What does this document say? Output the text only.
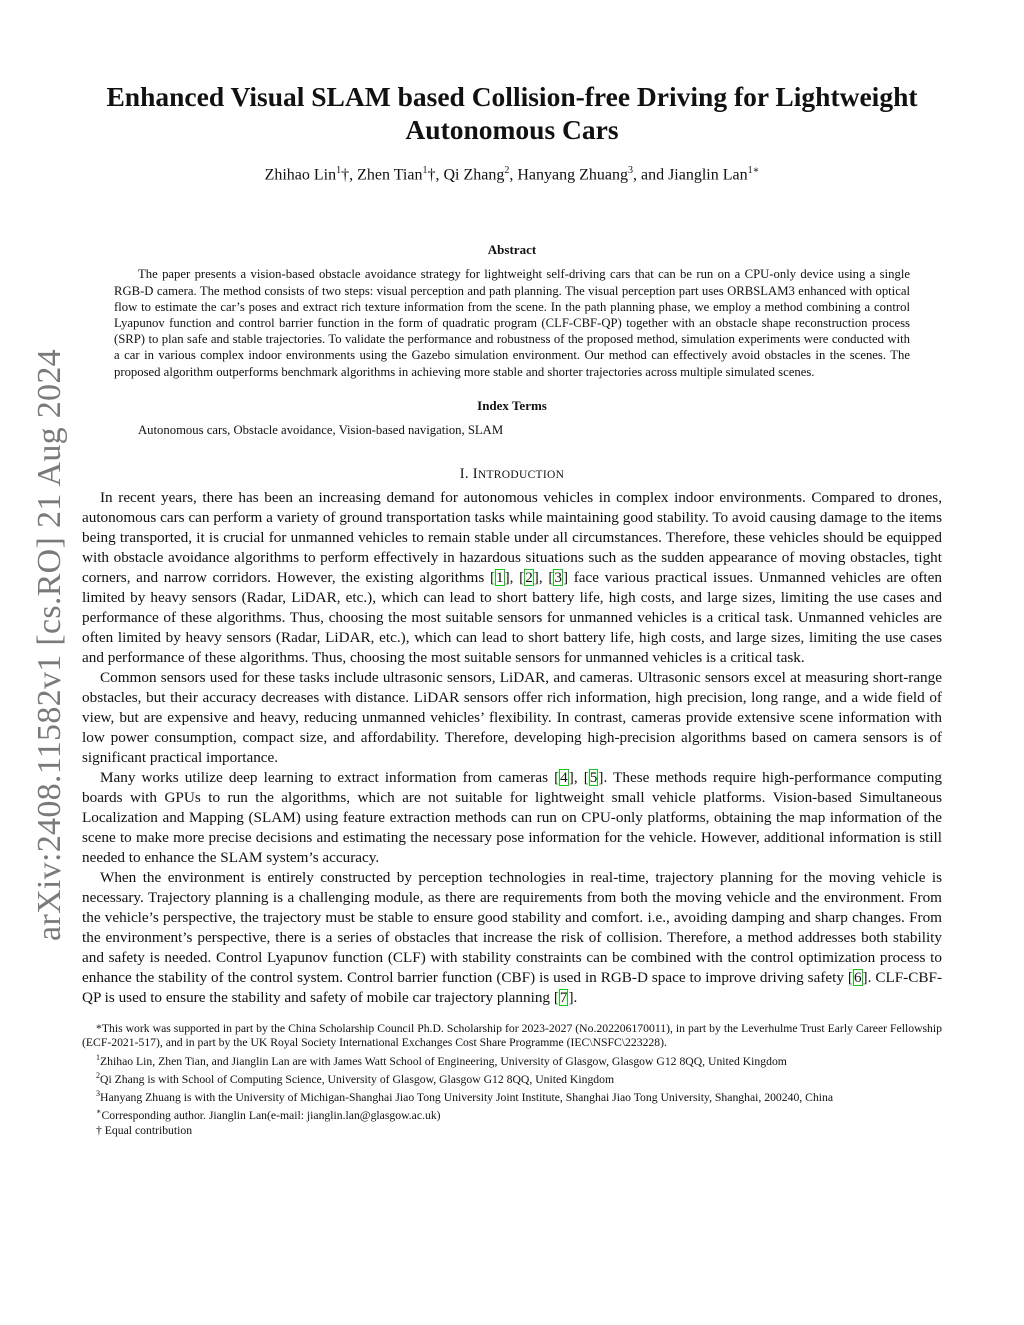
arXiv:2408.11582v1 [cs.RO] 21 Aug 2024
Enhanced Visual SLAM based Collision-free Driving for Lightweight Autonomous Cars
Zhihao Lin$^1$†, Zhen Tian$^1$†, Qi Zhang$^2$, Hanyang Zhuang$^3$, and Jianglin Lan$^{1∗}$
Abstract
The paper presents a vision-based obstacle avoidance strategy for lightweight self-driving cars that can be run on a CPU-only device using a single RGB-D camera. The method consists of two steps: visual perception and path planning. The visual perception part uses ORBSLAM3 enhanced with optical flow to estimate the car’s poses and extract rich texture information from the scene. In the path planning phase, we employ a method combining a control Lyapunov function and control barrier function in the form of quadratic program (CLF-CBF-QP) together with an obstacle shape reconstruction process (SRP) to plan safe and stable trajectories. To validate the performance and robustness of the proposed method, simulation experiments were conducted with a car in various complex indoor environments using the Gazebo simulation environment. Our method can effectively avoid obstacles in the scenes. The proposed algorithm outperforms benchmark algorithms in achieving more stable and shorter trajectories across multiple simulated scenes.
Index Terms
Autonomous cars, Obstacle avoidance, Vision-based navigation, SLAM
I. INTRODUCTION

In recent years, there has been an increasing demand for autonomous vehicles in complex indoor environments. Compared to drones, autonomous cars can perform a variety of ground transportation tasks while maintaining good stability. To avoid causing damage to the items being transported, it is crucial for unmanned vehicles to remain stable under all circumstances. Therefore, these vehicles should be equipped with obstacle avoidance algorithms to perform effectively in hazardous situations such as the sudden appearance of moving obstacles, tight corners, and narrow corridors. However, the existing algorithms [1], [2], [3] face various practical issues. Unmanned vehicles are often limited by heavy sensors (Radar, LiDAR, etc.), which can lead to short battery life, high costs, and large sizes, limiting the use cases and performance of these algorithms. Thus, choosing the most suitable sensors for unmanned vehicles is a critical task. Unmanned vehicles are often limited by heavy sensors (Radar, LiDAR, etc.), which can lead to short battery life, high costs, and large sizes, limiting the use cases and performance of these algorithms. Thus, choosing the most suitable sensors for unmanned vehicles is a critical task.

Common sensors used for these tasks include ultrasonic sensors, LiDAR, and cameras. Ultrasonic sensors excel at measuring short-range obstacles, but their accuracy decreases with distance. LiDAR sensors offer rich information, high precision, long range, and a wide field of view, but are expensive and heavy, reducing unmanned vehicles’ flexibility. In contrast, cameras provide extensive scene information with low power consumption, compact size, and affordability. Therefore, developing high-precision algorithms based on camera sensors is of significant practical importance.

Many works utilize deep learning to extract information from cameras [4], [5]. These methods require high-performance computing boards with GPUs to run the algorithms, which are not suitable for lightweight small vehicle platforms. Vision-based Simultaneous Localization and Mapping (SLAM) using feature extraction methods can run on CPU-only platforms, obtaining the map information of the scene to make more precise decisions and estimating the necessary pose information for the vehicle. However, additional information is still needed to enhance the SLAM system’s accuracy.

When the environment is entirely constructed by perception technologies in real-time, trajectory planning for the moving vehicle is necessary. Trajectory planning is a challenging module, as there are requirements from both the moving vehicle and the environment. From the vehicle’s perspective, the trajectory must be stable to ensure good stability and comfort. i.e., avoiding damping and sharp changes. From the environment’s perspective, there is a series of obstacles that increase the risk of collision. Therefore, a method addresses both stability and safety is needed. Control Lyapunov function (CLF) with stability constraints can be combined with the control optimization process to enhance the stability of the control system. Control barrier function (CBF) is used in RGB-D space to improve driving safety [6]. CLF-CBF-QP is used to ensure the stability and safety of mobile car trajectory planning [7].

*This work was supported in part by the China Scholarship Council Ph.D. Scholarship for 2023-2027 (No.202206170011), in part by the Leverhulme Trust Early Career Fellowship (ECF-2021-517), and in part by the UK Royal Society International Exchanges Cost Share Programme (IEC\NSFC\223228).

$^1$Zhihao Lin, Zhen Tian, and Jianglin Lan are with James Watt School of Engineering, University of Glasgow, Glasgow G12 8QQ, United Kingdom

$^2$Qi Zhang is with School of Computing Science, University of Glasgow, Glasgow G12 8QQ, United Kingdom

$^3$Hanyang Zhuang is with the University of Michigan-Shanghai Jiao Tong University Joint Institute, Shanghai Jiao Tong University, Shanghai, 200240, China

∗Corresponding author. Jianglin Lan(e-mail: jianglin.lan@glasgow.ac.uk)

† Equal contribution
